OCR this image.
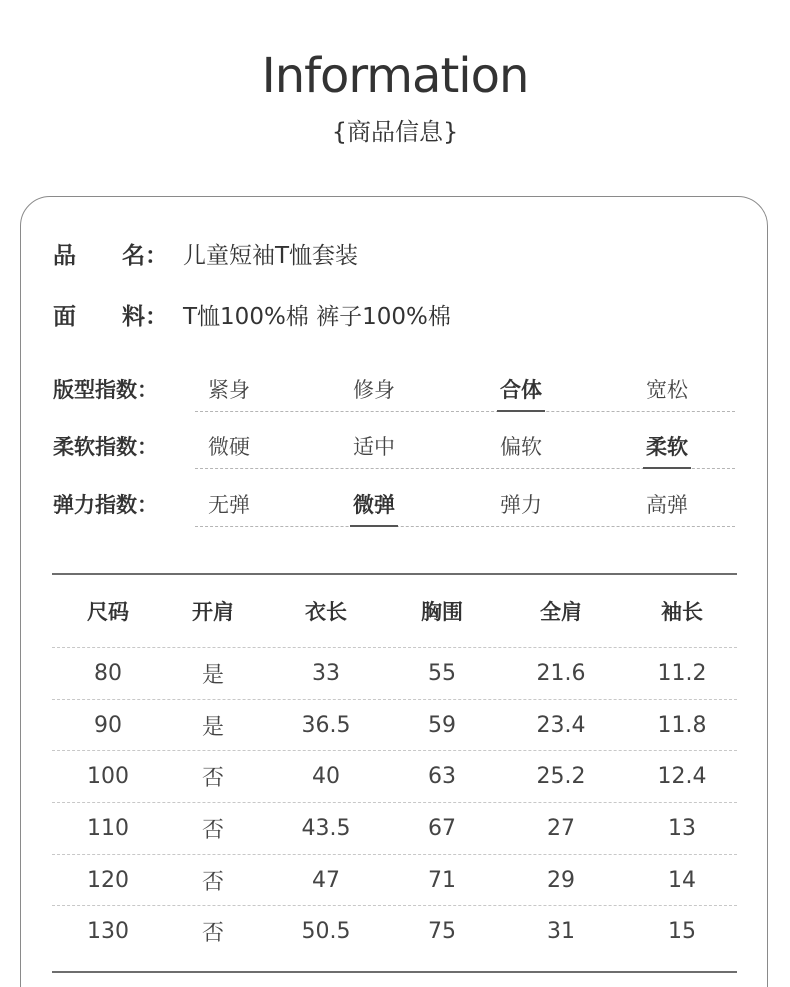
Information
{商品信息}
品　　名： 儿童短袖T恤套装
面　　料： T恤100%棉 裤子100%棉
版型指数： 紧身	修身	合体	宽松
柔软指数： 微硬	适中	偏软	柔软
弹力指数： 无弹	微弹	弹力	高弹
尺码	开肩	衣长	胸围	全肩	袖长
80	是	33	55	21.6	11.2
90	是	36.5	59	23.4	11.8
100	否	40	63	25.2	12.4
110	否	43.5	67	27	13
120	否	47	71	29	14
130	否	50.5	75	31	15
